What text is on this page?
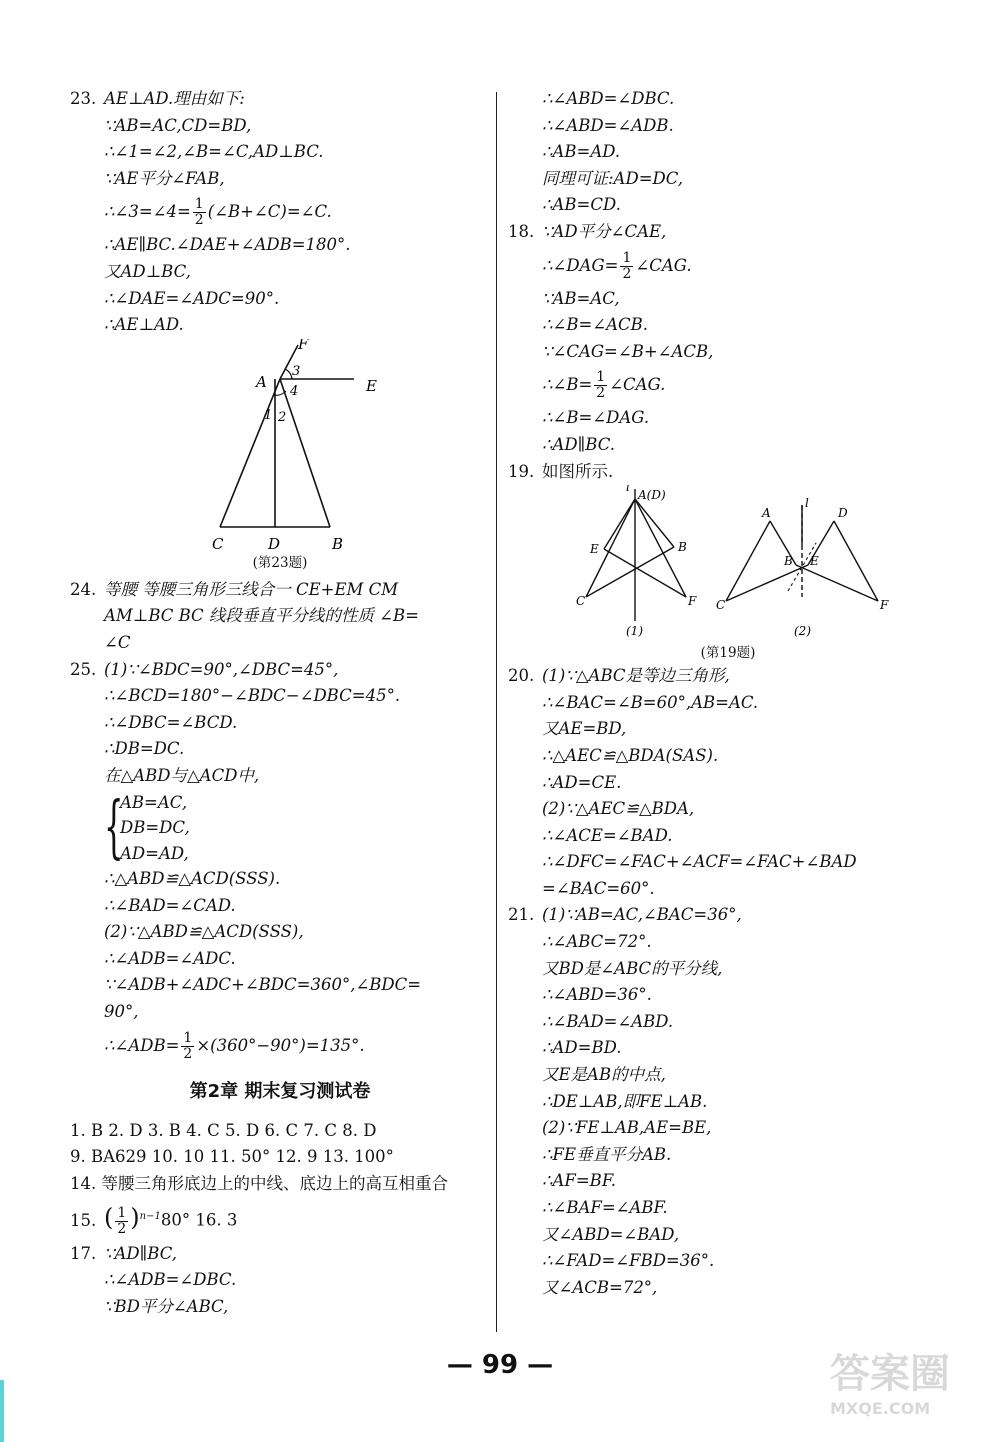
23. AE⊥AD.理由如下:
∵AB=AC,CD=BD,
∴∠1=∠2,∠B=∠C,AD⊥BC.
∵AE平分∠FAB,
∴∠3=∠4= $\frac{1}{2}$ (∠B+∠C)=∠C.
∴AE∥BC.∠DAE+∠ADB=180°.
又AD⊥BC,
∴∠DAE=∠ADC=90°.
∴AE⊥AD.
F
A	E
C	D	B
1 2
3
4
(第23题)
24. 等腰 等腰三角形三线合一 CE+EM CM
AM⊥BC BC 线段垂直平分线的性质 ∠B=
∠C
25. (1)∵∠BDC=90°,∠DBC=45°,
∴∠BCD=180°−∠BDC−∠DBC=45°.
∴∠DBC=∠BCD.
∴DB=DC.
在△ABD与△ACD中,
{
AB=AC,
DB=DC,
AD=AD,
∴△ABD≌△ACD(SSS).
∴∠BAD=∠CAD.
(2)∵△ABD≌△ACD(SSS),
∴∠ADB=∠ADC.
∵∠ADB+∠ADC+∠BDC=360°,∠BDC=
90°,
∴∠ADB= $\frac{1}{2} \times(360^\circ-90^\circ)=135^\circ$.
第2章 期末复习测试卷
1. B 2. D 3. B 4. C 5. D 6. C 7. C 8. D
9. BA629 10. 10 11. 50° 12. 9 13. 100°
14. 等腰三角形底边上的中线、底边上的高互相重合
15. ( $\frac{1}{2} )^{n-1}80^\circ$ 16. 3
17. ∵AD∥BC,
∴∠ADB=∠DBC.
∵BD平分∠ABC,
∴∠ABD=∠DBC.
∴∠ABD=∠ADB.
∴AB=AD.
同理可证:AD=DC,
∴AB=CD.
18. ∵AD平分∠CAE,
∴∠DAG= $\frac{1}{2}$ ∠CAG.
∵AB=AC,
∴∠B=∠ACB.
∵∠CAG=∠B+∠ACB,
∴∠B= $\frac{1}{2}$ ∠CAG.
∴∠B=∠DAG.
∴AD∥BC.
19. 如图所示.
l
A(D)
E	B
C	F
(1)
A	D
l
B E
C	F
(2)
(第19题)
20. (1)∵△ABC是等边三角形,
∴∠BAC=∠B=60°,AB=AC.
又AE=BD,
∴△AEC≌△BDA(SAS).
∴AD=CE.
(2)∵△AEC≌△BDA,
∴∠ACE=∠BAD.
∴∠DFC=∠FAC+∠ACF=∠FAC+∠BAD
=∠BAC=60°.
21. (1)∵AB=AC,∠BAC=36°,
∴∠ABC=72°.
又BD是∠ABC的平分线,
∴∠ABD=36°.
∴∠BAD=∠ABD.
∴AD=BD.
又E是AB的中点,
∴DE⊥AB,即FE⊥AB.
(2)∵FE⊥AB,AE=BE,
∴FE垂直平分AB.
∴AF=BF.
∴∠BAF=∠ABF.
又∠ABD=∠BAD,
∴∠FAD=∠FBD=36°.
又∠ACB=72°,
— 99 —	答案圈
MXQE.COM
